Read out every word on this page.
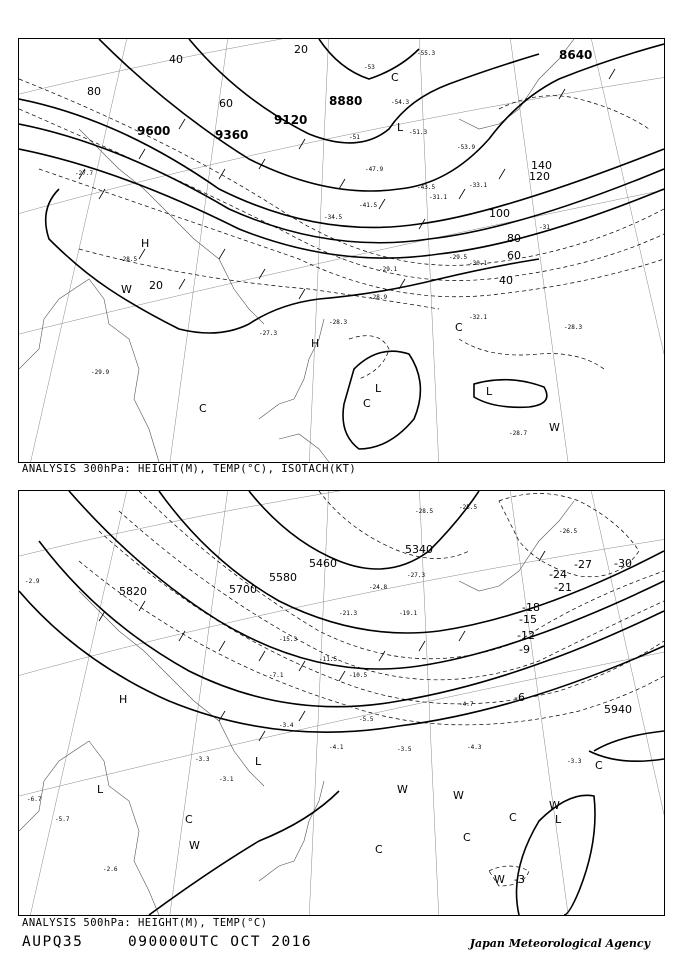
9600	9360
9120
8880
8640
80
60
40
20
140
120
100
80
60
40
20
H
H
L
L	L
W
C
C
C
W
C
-51
-53
-55.3
-54.3
-51.3
-53.9
-47.9
-43.5
-41.5
-34.5
-33.1
-31
-30.1
-29.5
-28.9
-28.3
-27.3
-29.9
-28.5
-32.1
-28.3
-28.7
-27.7
-29.1
-31.1
ANALYSIS 300hPa: HEIGHT(M), TEMP(°C), ISOTACH(KT)
5820	5700
5580
5460
5340
5940
-30
-27
-24
-21
-18
-15
-12
-9
-6
-3
H
L
L
L
C
W	C
W	W
C
C
W
C
W
-25.5
-28.5
-26.5
-27.3
-24.8
-21.3	-19.1
-15.3
-11.5
-10.5
-7.1
-5.5
-4.7
-3.5	-4.3
-3.3
-3.1
-2.9
-6.7
-5.7
-4.1
-3.3
-2.6
-3.4
ANALYSIS 500hPa: HEIGHT(M), TEMP(°C)
AUPQ35	090000UTC OCT 2016	Japan Meteorological Agency
